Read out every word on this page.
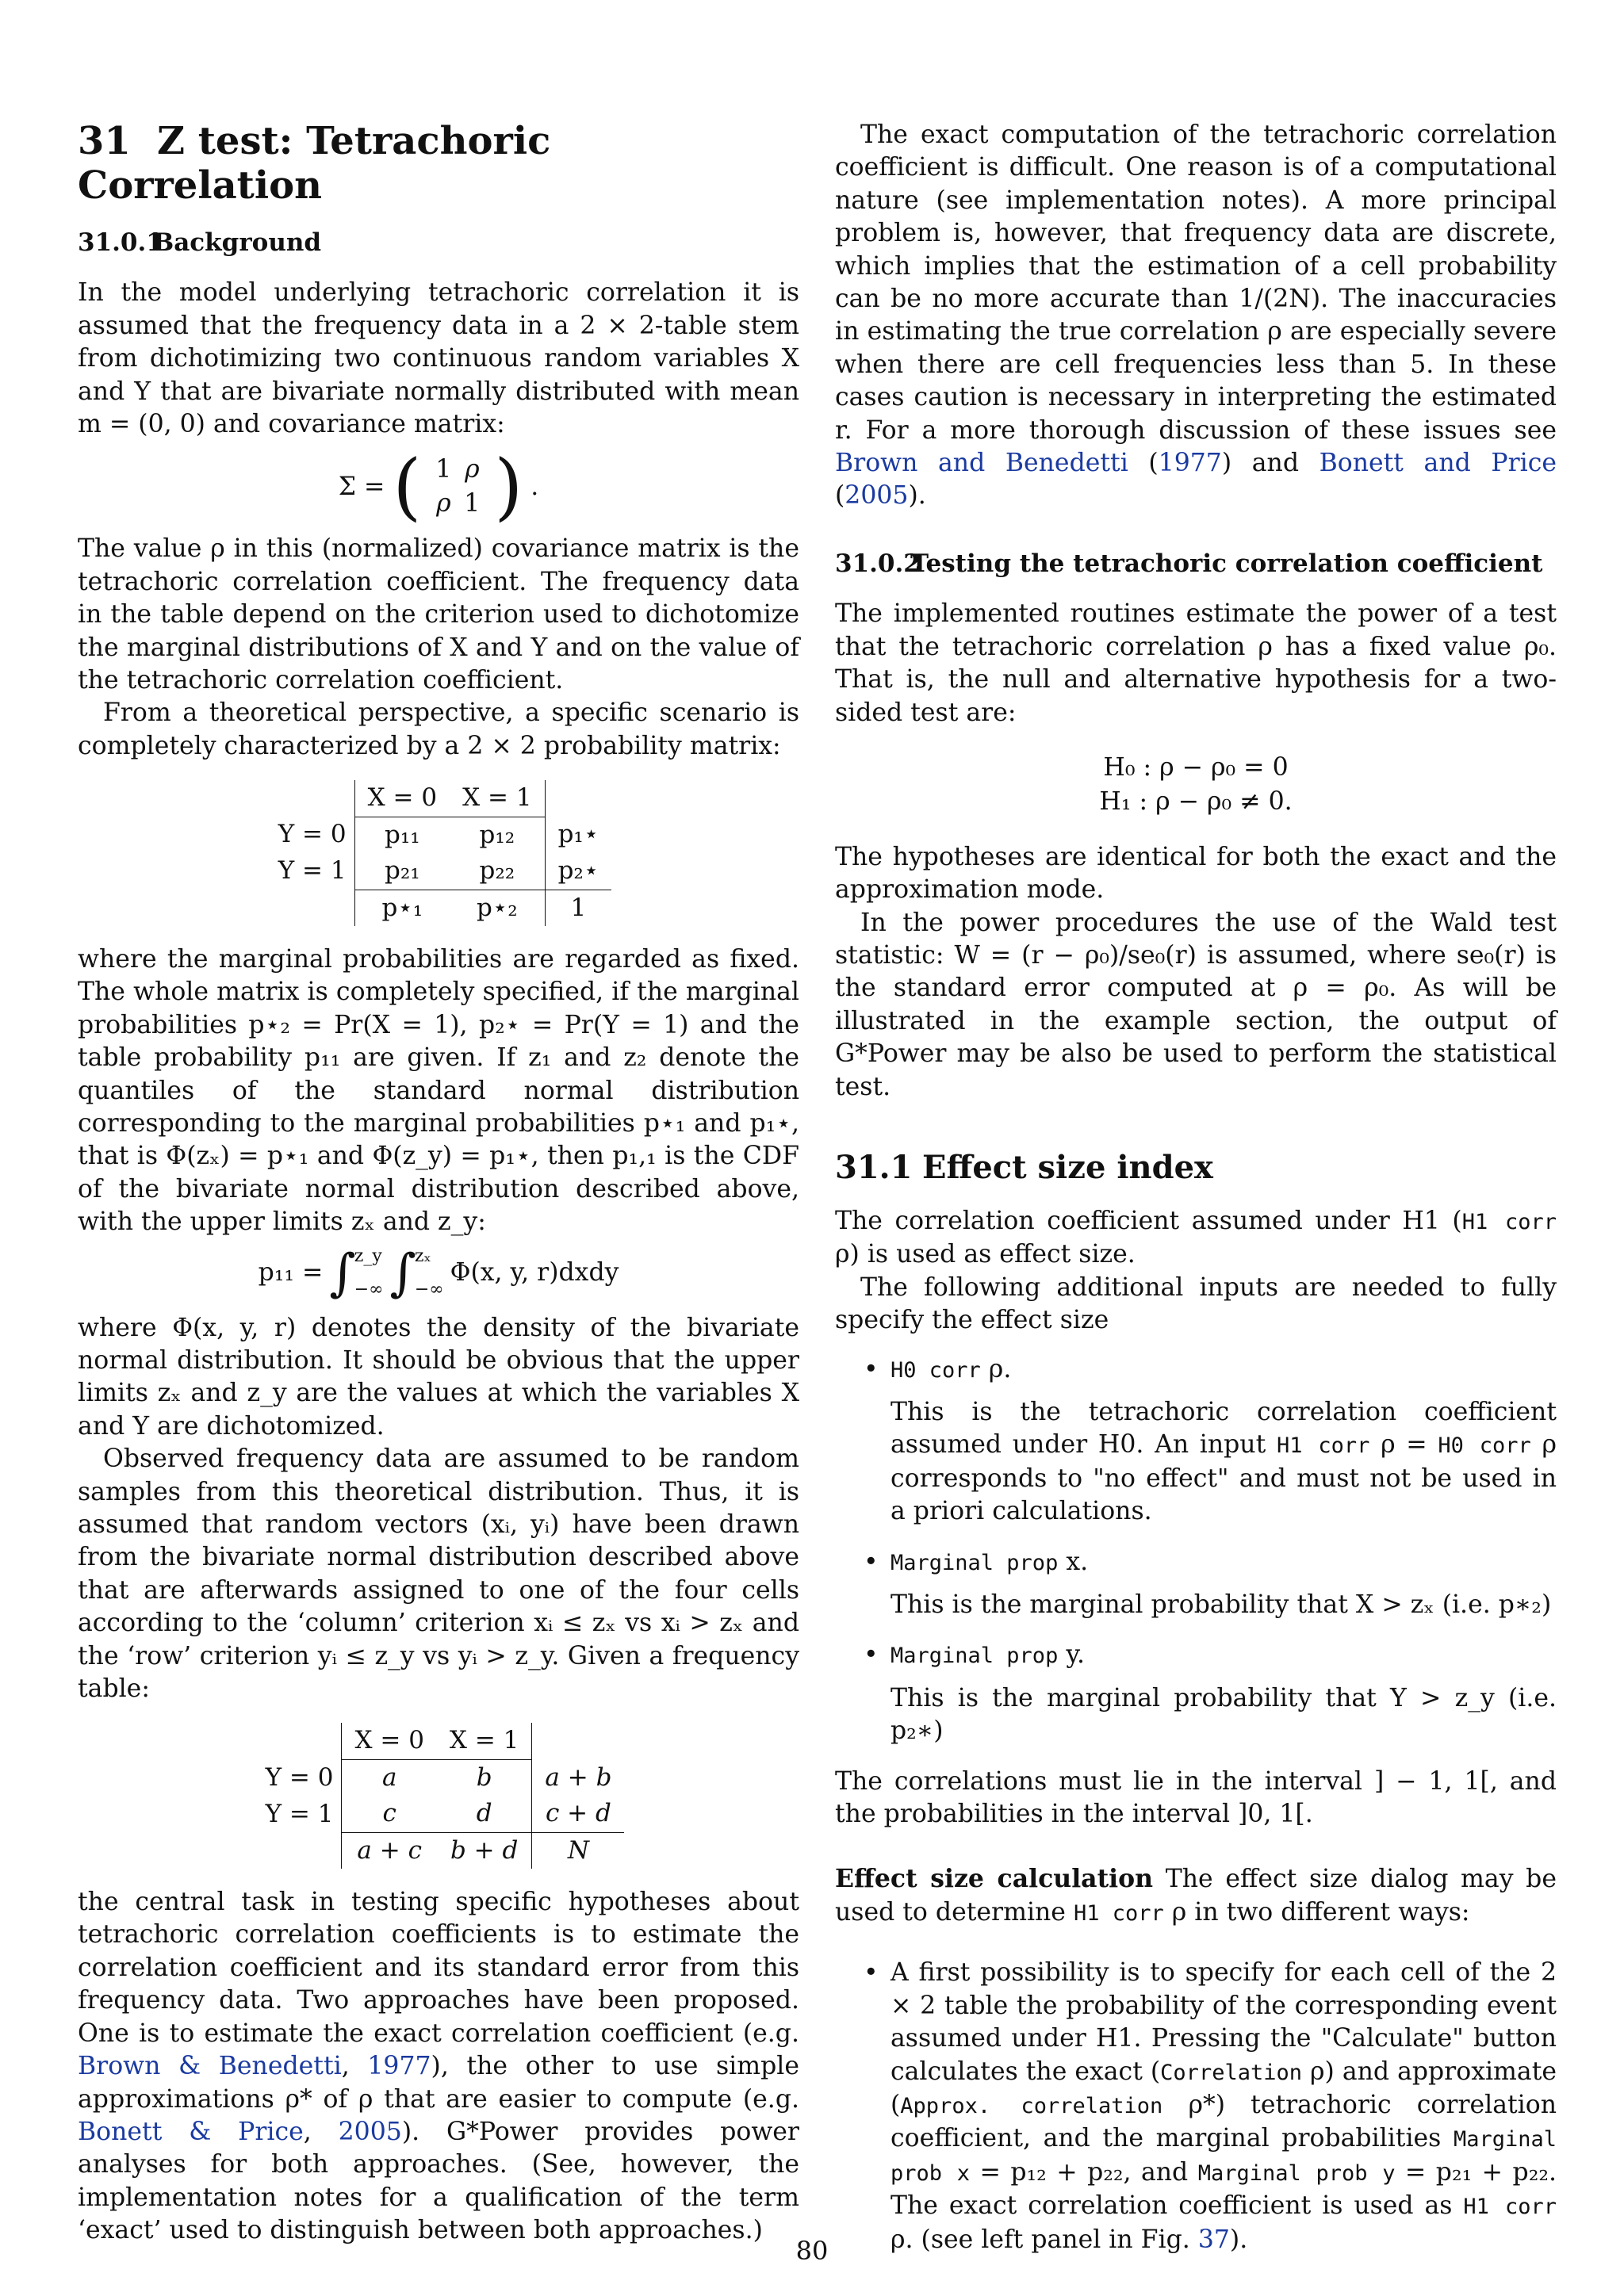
31 Z test: Tetrachoric Correlation
31.0.1Background

In the model underlying tetrachoric correlation it is assumed that the frequency data in a 2 × 2-table stem from dichotimizing two continuous random variables X and Y that are bivariate normally distributed with mean m = (0, 0) and covariance matrix:

Σ = ( 1 ρ
ρ 1 ) .

The value ρ in this (normalized) covariance matrix is the tetrachoric correlation coefficient. The frequency data in the table depend on the criterion used to dichotomize the marginal distributions of X and Y and on the value of the tetrachoric correlation coefficient.

From a theoretical perspective, a specific scenario is completely characterized by a 2 × 2 probability matrix:

	X = 0	X = 1	
Y = 0	p₁₁	p₁₂	p₁⋆
Y = 1	p₂₁	p₂₂	p₂⋆
	p⋆₁	p⋆₂	1

where the marginal probabilities are regarded as fixed. The whole matrix is completely specified, if the marginal probabilities p⋆₂ = Pr(X = 1), p₂⋆ = Pr(Y = 1) and the table probability p₁₁ are given. If z₁ and z₂ denote the quantiles of the standard normal distribution corresponding to the marginal probabilities p⋆₁ and p₁⋆, that is Φ(zₓ) = p⋆₁ and Φ(z_y) = p₁⋆, then p₁,₁ is the CDF of the bivariate normal distribution described above, with the upper limits zₓ and z_y:

p₁₁ = ∫
z_y
−∞ ∫
zₓ
−∞
Φ(x, y, r)dxdy

where Φ(x, y, r) denotes the density of the bivariate normal distribution. It should be obvious that the upper limits zₓ and z_y are the values at which the variables X and Y are dichotomized.

Observed frequency data are assumed to be random samples from this theoretical distribution. Thus, it is assumed that random vectors (xᵢ, yᵢ) have been drawn from the bivariate normal distribution described above that are afterwards assigned to one of the four cells according to the ‘column’ criterion xᵢ ≤ zₓ vs xᵢ > zₓ and the ‘row’ criterion yᵢ ≤ z_y vs yᵢ > z_y. Given a frequency table:

	X = 0	X = 1	
Y = 0	a	b	a + b
Y = 1	c	d	c + d
	a + c	b + d	N

the central task in testing specific hypotheses about tetrachoric correlation coefficients is to estimate the correlation coefficient and its standard error from this frequency data. Two approaches have been proposed. One is to estimate the exact correlation coefficient (e.g. Brown & Benedetti, 1977), the other to use simple approximations ρ* of ρ that are easier to compute (e.g. Bonett & Price, 2005). G*Power provides power analyses for both approaches. (See, however, the implementation notes for a qualification of the term ‘exact’ used to distinguish between both approaches.)

The exact computation of the tetrachoric correlation coefficient is difficult. One reason is of a computational nature (see implementation notes). A more principal problem is, however, that frequency data are discrete, which implies that the estimation of a cell probability can be no more accurate than 1/(2N). The inaccuracies in estimating the true correlation ρ are especially severe when there are cell frequencies less than 5. In these cases caution is necessary in interpreting the estimated r. For a more thorough discussion of these issues see Brown and Benedetti (1977) and Bonett and Price (2005).

31.0.2Testing the tetrachoric correlation coefficient

The implemented routines estimate the power of a test that the tetrachoric correlation ρ has a fixed value ρ₀. That is, the null and alternative hypothesis for a two-sided test are:

H₀ : ρ − ρ₀ = 0
H₁ : ρ − ρ₀ ≠ 0.

The hypotheses are identical for both the exact and the approximation mode.

In the power procedures the use of the Wald test statistic: W = (r − ρ₀)/se₀(r) is assumed, where se₀(r) is the standard error computed at ρ = ρ₀. As will be illustrated in the example section, the output of G*Power may be also be used to perform the statistical test.

31.1 Effect size index

The correlation coefficient assumed under H1 (H1 corr ρ) is used as effect size.

The following additional inputs are needed to fully specify the effect size

• H0 corr ρ.

This is the tetrachoric correlation coefficient assumed under H0. An input H1 corr ρ = H0 corr ρ corresponds to "no effect" and must not be used in a priori calculations.

• Marginal prop x.

This is the marginal probability that X > zₓ (i.e. p∗₂)

• Marginal prop y.

This is the marginal probability that Y > z_y (i.e. p₂∗)

The correlations must lie in the interval ] − 1, 1[, and the probabilities in the interval ]0, 1[.

Effect size calculation The effect size dialog may be used to determine H1 corr ρ in two different ways:

• A first possibility is to specify for each cell of the 2 × 2 table the probability of the corresponding event assumed under H1. Pressing the "Calculate" button calculates the exact (Correlation ρ) and approximate (Approx. correlation ρ*) tetrachoric correlation coefficient, and the marginal probabilities Marginal prob x = p₁₂ + p₂₂, and Marginal prob y = p₂₁ + p₂₂. The exact correlation coefficient is used as H1 corr ρ. (see left panel in Fig. 37).

80
